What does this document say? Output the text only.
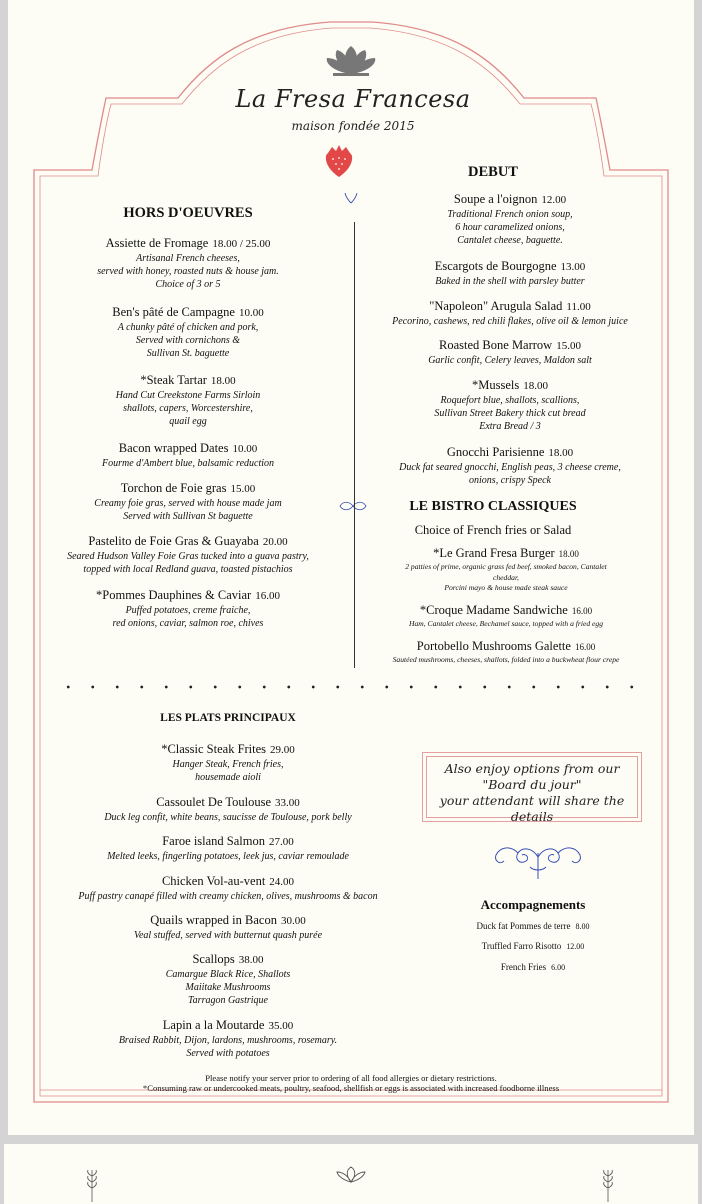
La Fresa Francesa
maison fondée 2015
HORS D'OEUVRES
Assiette de Fromage 18.00 / 25.00
Artisanal French cheeses,
served with honey, roasted nuts & house jam.
Choice of 3 or 5
Ben's pâté de Campagne 10.00
A chunky pâté of chicken and pork,
Served with cornichons &
Sullivan St. baguette
*Steak Tartar 18.00
Hand Cut Creekstone Farms Sirloin
shallots, capers, Worcestershire,
quail egg
Bacon wrapped Dates 10.00
Fourme d'Ambert blue, balsamic reduction
Torchon de Foie gras 15.00
Creamy foie gras, served with house made jam
Served with Sullivan St baguette
Pastelito de Foie Gras & Guayaba 20.00
Seared Hudson Valley Foie Gras tucked into a guava pastry,
topped with local Redland guava, toasted pistachios
*Pommes Dauphines & Caviar 16.00
Puffed potatoes, creme fraiche,
red onions, caviar, salmon roe, chives
DEBUT
Soupe a l'oignon 12.00
Traditional French onion soup,
6 hour caramelized onions,
Cantalet cheese, baguette.
Escargots de Bourgogne 13.00
Baked in the shell with parsley butter
"Napoleon" Arugula Salad 11.00
Pecorino, cashews, red chili flakes, olive oil & lemon juice
Roasted Bone Marrow 15.00
Garlic confit, Celery leaves, Maldon salt
*Mussels 18.00
Roquefort blue, shallots, scallions,
Sullivan Street Bakery thick cut bread
Extra Bread / 3
Gnocchi Parisienne 18.00
Duck fat seared gnocchi, English peas, 3 cheese creme,
onions, crispy Speck
LE BISTRO CLASSIQUES
Choice of French fries or Salad
*Le Grand Fresa Burger 18.00
2 patties of prime, organic grass fed beef, smoked bacon, Cantalet
cheddar,
Porcini mayo & house made steak sauce
*Croque Madame Sandwiche 16.00
Ham, Cantalet cheese, Bechamel sauce, topped with a fried egg
Portobello Mushrooms Galette 16.00
Sautéed mushrooms, cheeses, shallots, folded into a buckwheat flour crepe
LES PLATS PRINCIPAUX
*Classic Steak Frites 29.00
Hanger Steak, French fries,
housemade aioli
Cassoulet De Toulouse 33.00
Duck leg confit, white beans, saucisse de Toulouse, pork belly
Faroe island Salmon 27.00
Melted leeks, fingerling potatoes, leek jus, caviar remoulade
Chicken Vol-au-vent 24.00
Puff pastry canapé filled with creamy chicken, olives, mushrooms & bacon
Quails wrapped in Bacon 30.00
Veal stuffed, served with butternut quash purée
Scallops 38.00
Camargue Black Rice, Shallots
Maiitake Mushrooms
Tarragon Gastrique
Lapin a la Moutarde 35.00
Braised Rabbit, Dijon, lardons, mushrooms, rosemary.
Served with potatoes
Also enjoy options from our
"Board du jour"
your attendant will share the details
Accompagnements
Duck fat Pommes de terre 8.00
Truffled Farro Risotto 12.00
French Fries 6.00
Please notify your server prior to ordering of all food allergies or dietary restrictions.
*Consuming raw or undercooked meats, poultry, seafood, shellfish or eggs is associated with increased foodborne illness
